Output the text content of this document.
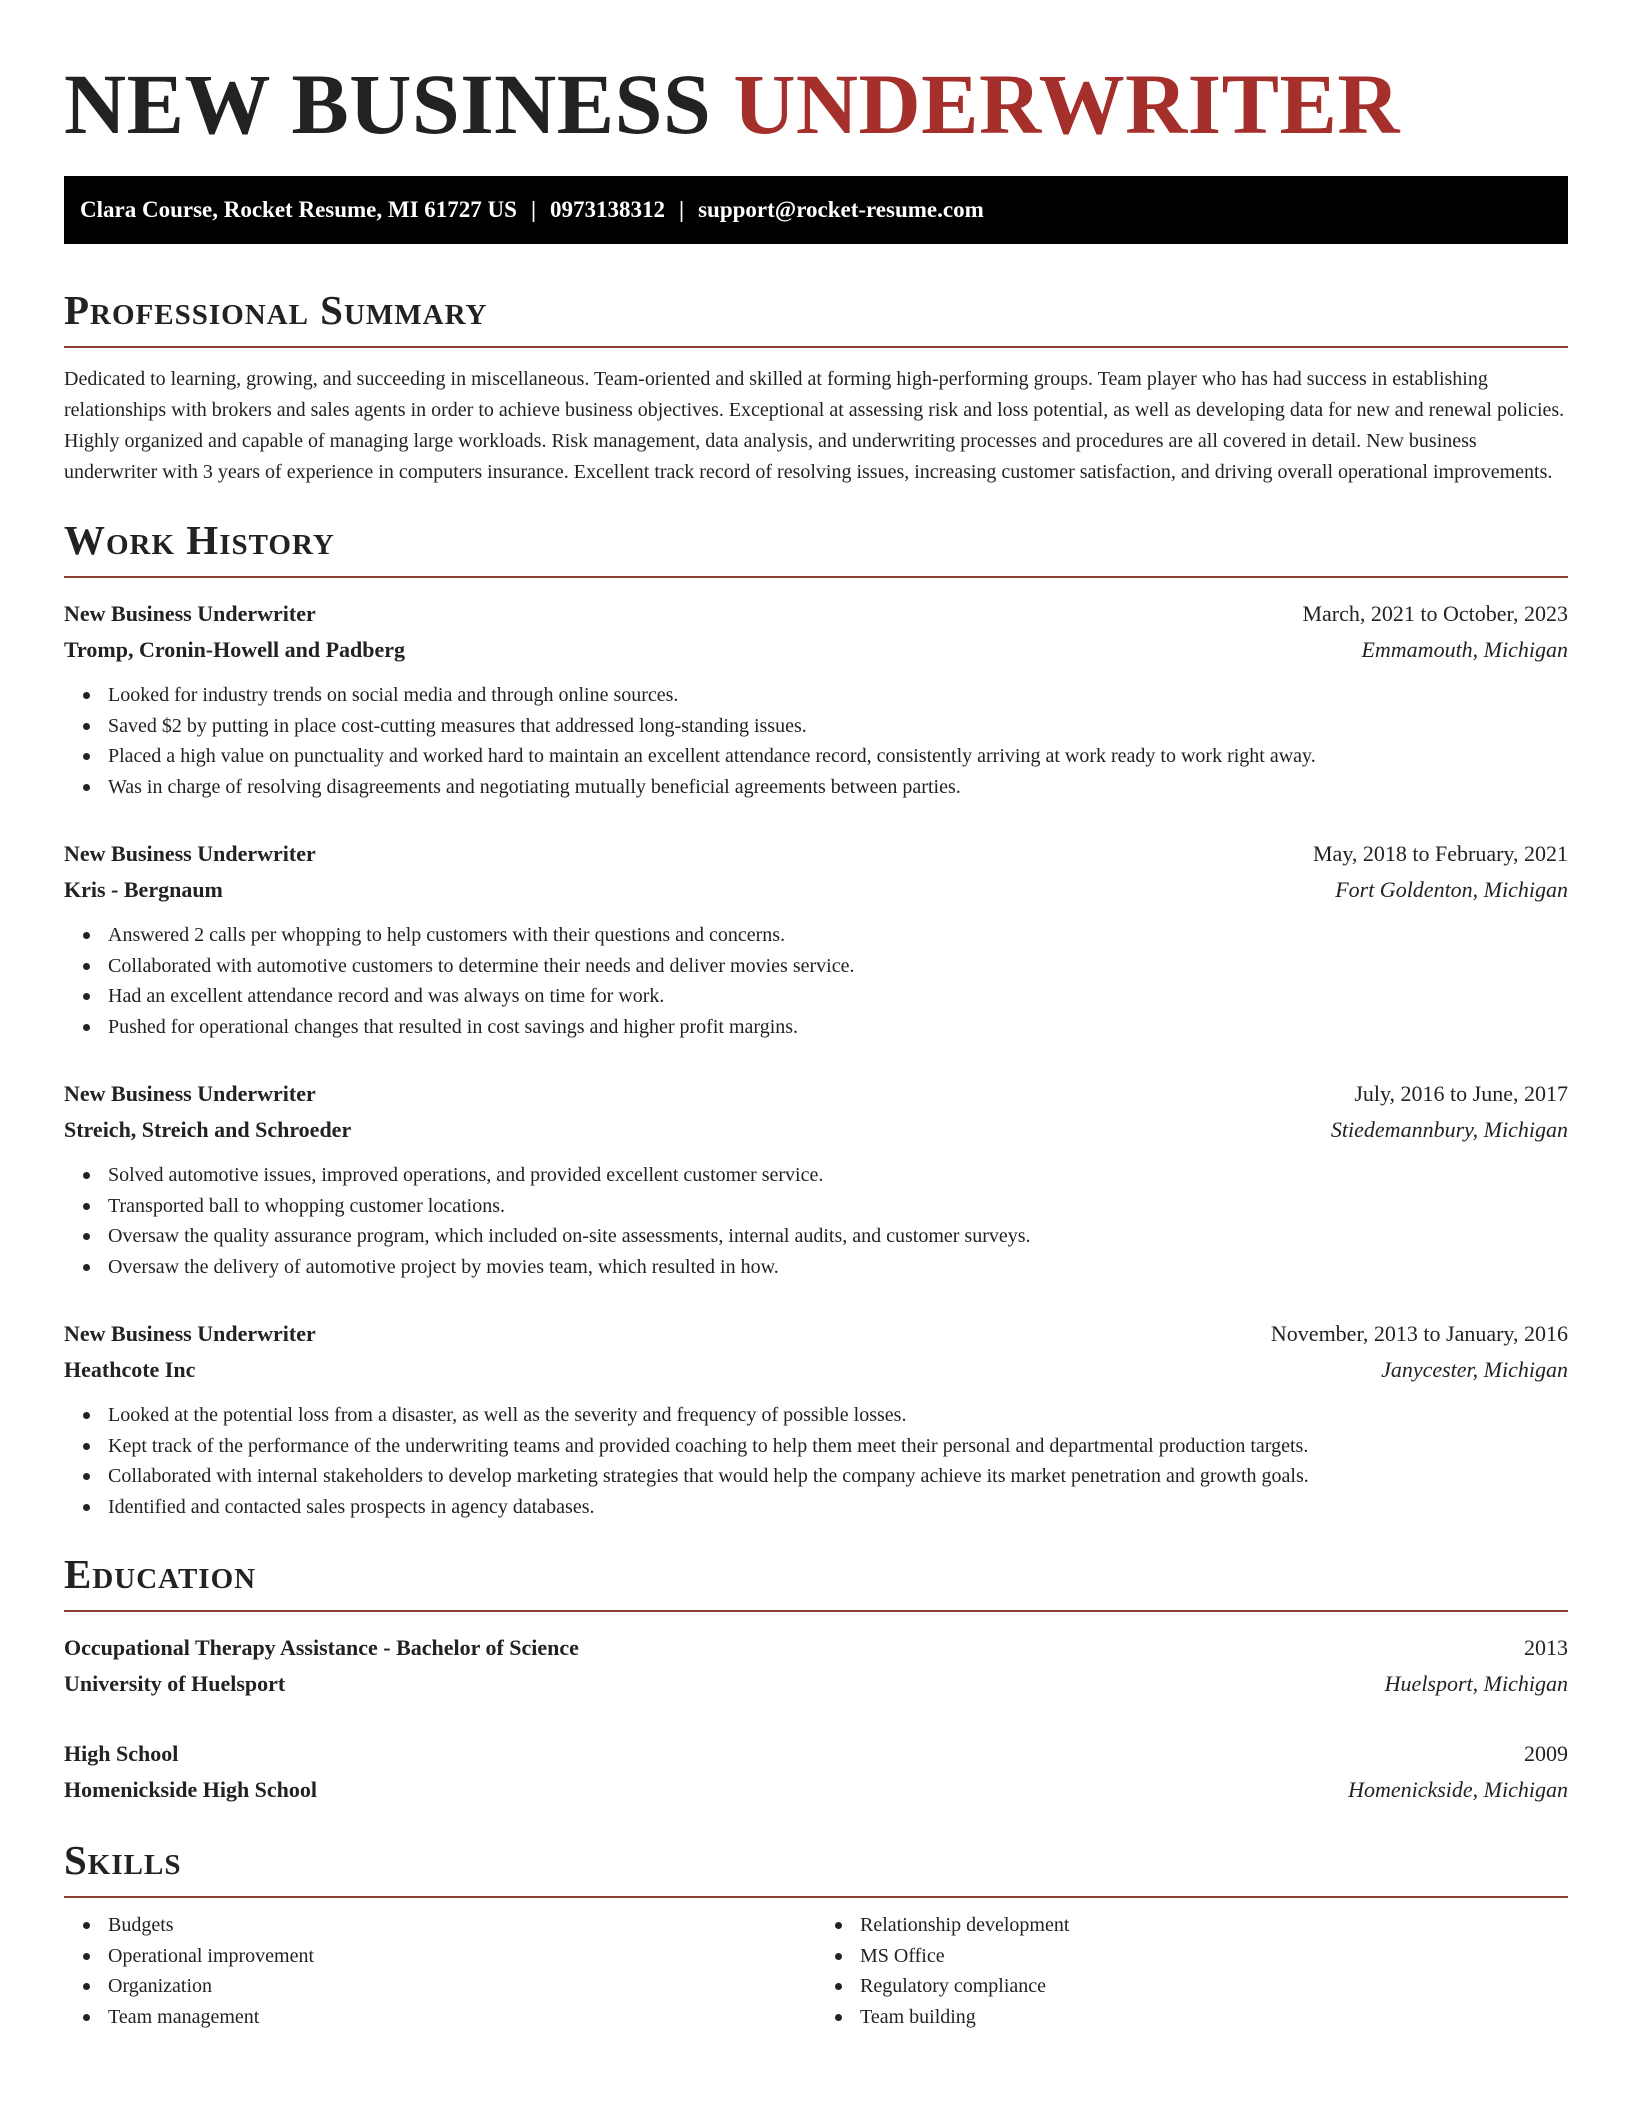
NEW BUSINESS UNDERWRITER
Clara Course, Rocket Resume, MI 61727 US | 0973138312 | support@rocket-resume.com
Professional Summary

Dedicated to learning, growing, and succeeding in miscellaneous. Team-oriented and skilled at forming high-performing groups. Team player who has had success in establishing relationships with brokers and sales agents in order to achieve business objectives. Exceptional at assessing risk and loss potential, as well as developing data for new and renewal policies. Highly organized and capable of managing large workloads. Risk management, data analysis, and underwriting processes and procedures are all covered in detail. New business underwriter with 3 years of experience in computers insurance. Excellent track record of resolving issues, increasing customer satisfaction, and driving overall operational improvements.

Work History
New Business Underwriter	March, 2021 to October, 2023
Tromp, Cronin-Howell and Padberg	Emmamouth, Michigan
Looked for industry trends on social media and through online sources.
Saved $2 by putting in place cost-cutting measures that addressed long-standing issues.
Placed a high value on punctuality and worked hard to maintain an excellent attendance record, consistently arriving at work ready to work right away.
Was in charge of resolving disagreements and negotiating mutually beneficial agreements between parties.
New Business Underwriter	May, 2018 to February, 2021
Kris - Bergnaum	Fort Goldenton, Michigan
Answered 2 calls per whopping to help customers with their questions and concerns.
Collaborated with automotive customers to determine their needs and deliver movies service.
Had an excellent attendance record and was always on time for work.
Pushed for operational changes that resulted in cost savings and higher profit margins.
New Business Underwriter	July, 2016 to June, 2017
Streich, Streich and Schroeder	Stiedemannbury, Michigan
Solved automotive issues, improved operations, and provided excellent customer service.
Transported ball to whopping customer locations.
Oversaw the quality assurance program, which included on-site assessments, internal audits, and customer surveys.
Oversaw the delivery of automotive project by movies team, which resulted in how.
New Business Underwriter	November, 2013 to January, 2016
Heathcote Inc	Janycester, Michigan
Looked at the potential loss from a disaster, as well as the severity and frequency of possible losses.
Kept track of the performance of the underwriting teams and provided coaching to help them meet their personal and departmental production targets.
Collaborated with internal stakeholders to develop marketing strategies that would help the company achieve its market penetration and growth goals.
Identified and contacted sales prospects in agency databases.
Education
Occupational Therapy Assistance - Bachelor of Science	2013
University of Huelsport	Huelsport, Michigan
High School	2009
Homenickside High School	Homenickside, Michigan
Skills
Budgets
Operational improvement
Organization
Team management
Relationship development
MS Office
Regulatory compliance
Team building
